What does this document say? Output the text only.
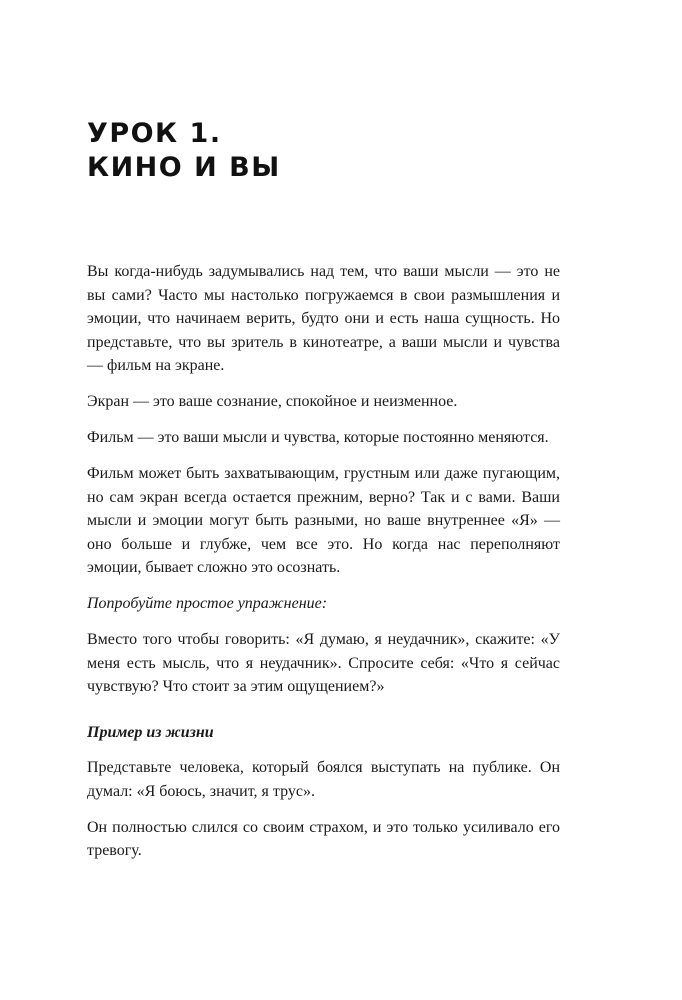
УРОК 1.
КИНО И ВЫ

Вы когда-нибудь задумывались над тем, что ваши мысли — это не вы сами? Часто мы настолько погружаемся в свои размышления и эмоции, что начинаем верить, будто они и есть наша сущность. Но представьте, что вы зритель в кинотеатре, а ваши мысли и чувства — фильм на экране.

Экран — это ваше сознание, спокойное и неизменное.

Фильм — это ваши мысли и чувства, которые постоянно меняются.

Фильм может быть захватывающим, грустным или даже пугающим, но сам экран всегда остается прежним, верно? Так и с вами. Ваши мысли и эмоции могут быть разными, но ваше внутреннее «Я» — оно больше и глубже, чем все это. Но когда нас переполняют эмоции, бывает сложно это осознать.

Попробуйте простое упражнение:

Вместо того чтобы говорить: «Я думаю, я неудачник», скажите: «У меня есть мысль, что я неудачник». Спросите себя: «Что я сейчас чувствую? Что стоит за этим ощущением?»

Пример из жизни

Представьте человека, который боялся выступать на публике. Он думал: «Я боюсь, значит, я трус».

Он полностью слился со своим страхом, и это только усиливало его тревогу.
